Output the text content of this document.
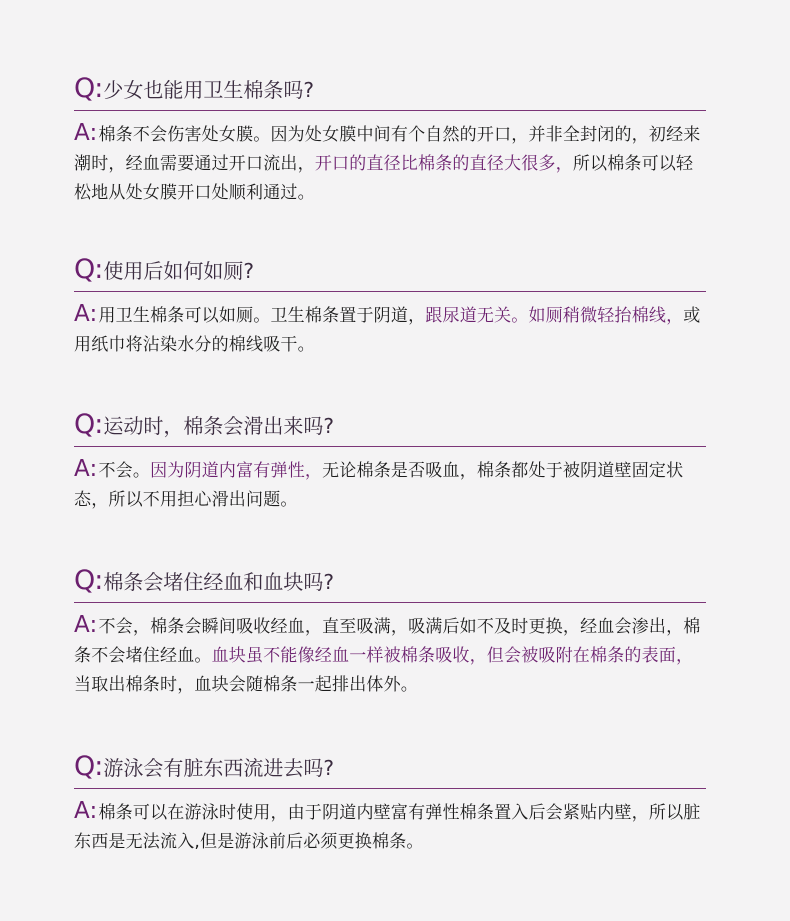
Q:少女也能用卫生棉条吗?
A:棉条不会伤害处女膜。因为处女膜中间有个自然的开口，并非全封闭的，初经来潮时，经血需要通过开口流出，开口的直径比棉条的直径大很多，所以棉条可以轻松地从处女膜开口处顺利通过。
Q:使用后如何如厕?
A:用卫生棉条可以如厕。卫生棉条置于阴道，跟尿道无关。如厕稍微轻抬棉线，或用纸巾将沾染水分的棉线吸干。
Q:运动时，棉条会滑出来吗?
A:不会。因为阴道内富有弹性，无论棉条是否吸血，棉条都处于被阴道壁固定状态，所以不用担心滑出问题。
Q:棉条会堵住经血和血块吗?
A:不会，棉条会瞬间吸收经血，直至吸满，吸满后如不及时更换，经血会渗出，棉条不会堵住经血。血块虽不能像经血一样被棉条吸收，但会被吸附在棉条的表面，当取出棉条时，血块会随棉条一起排出体外。
Q:游泳会有脏东西流进去吗?
A:棉条可以在游泳时使用，由于阴道内壁富有弹性棉条置入后会紧贴内壁，所以脏东西是无法流入,但是游泳前后必须更换棉条。
